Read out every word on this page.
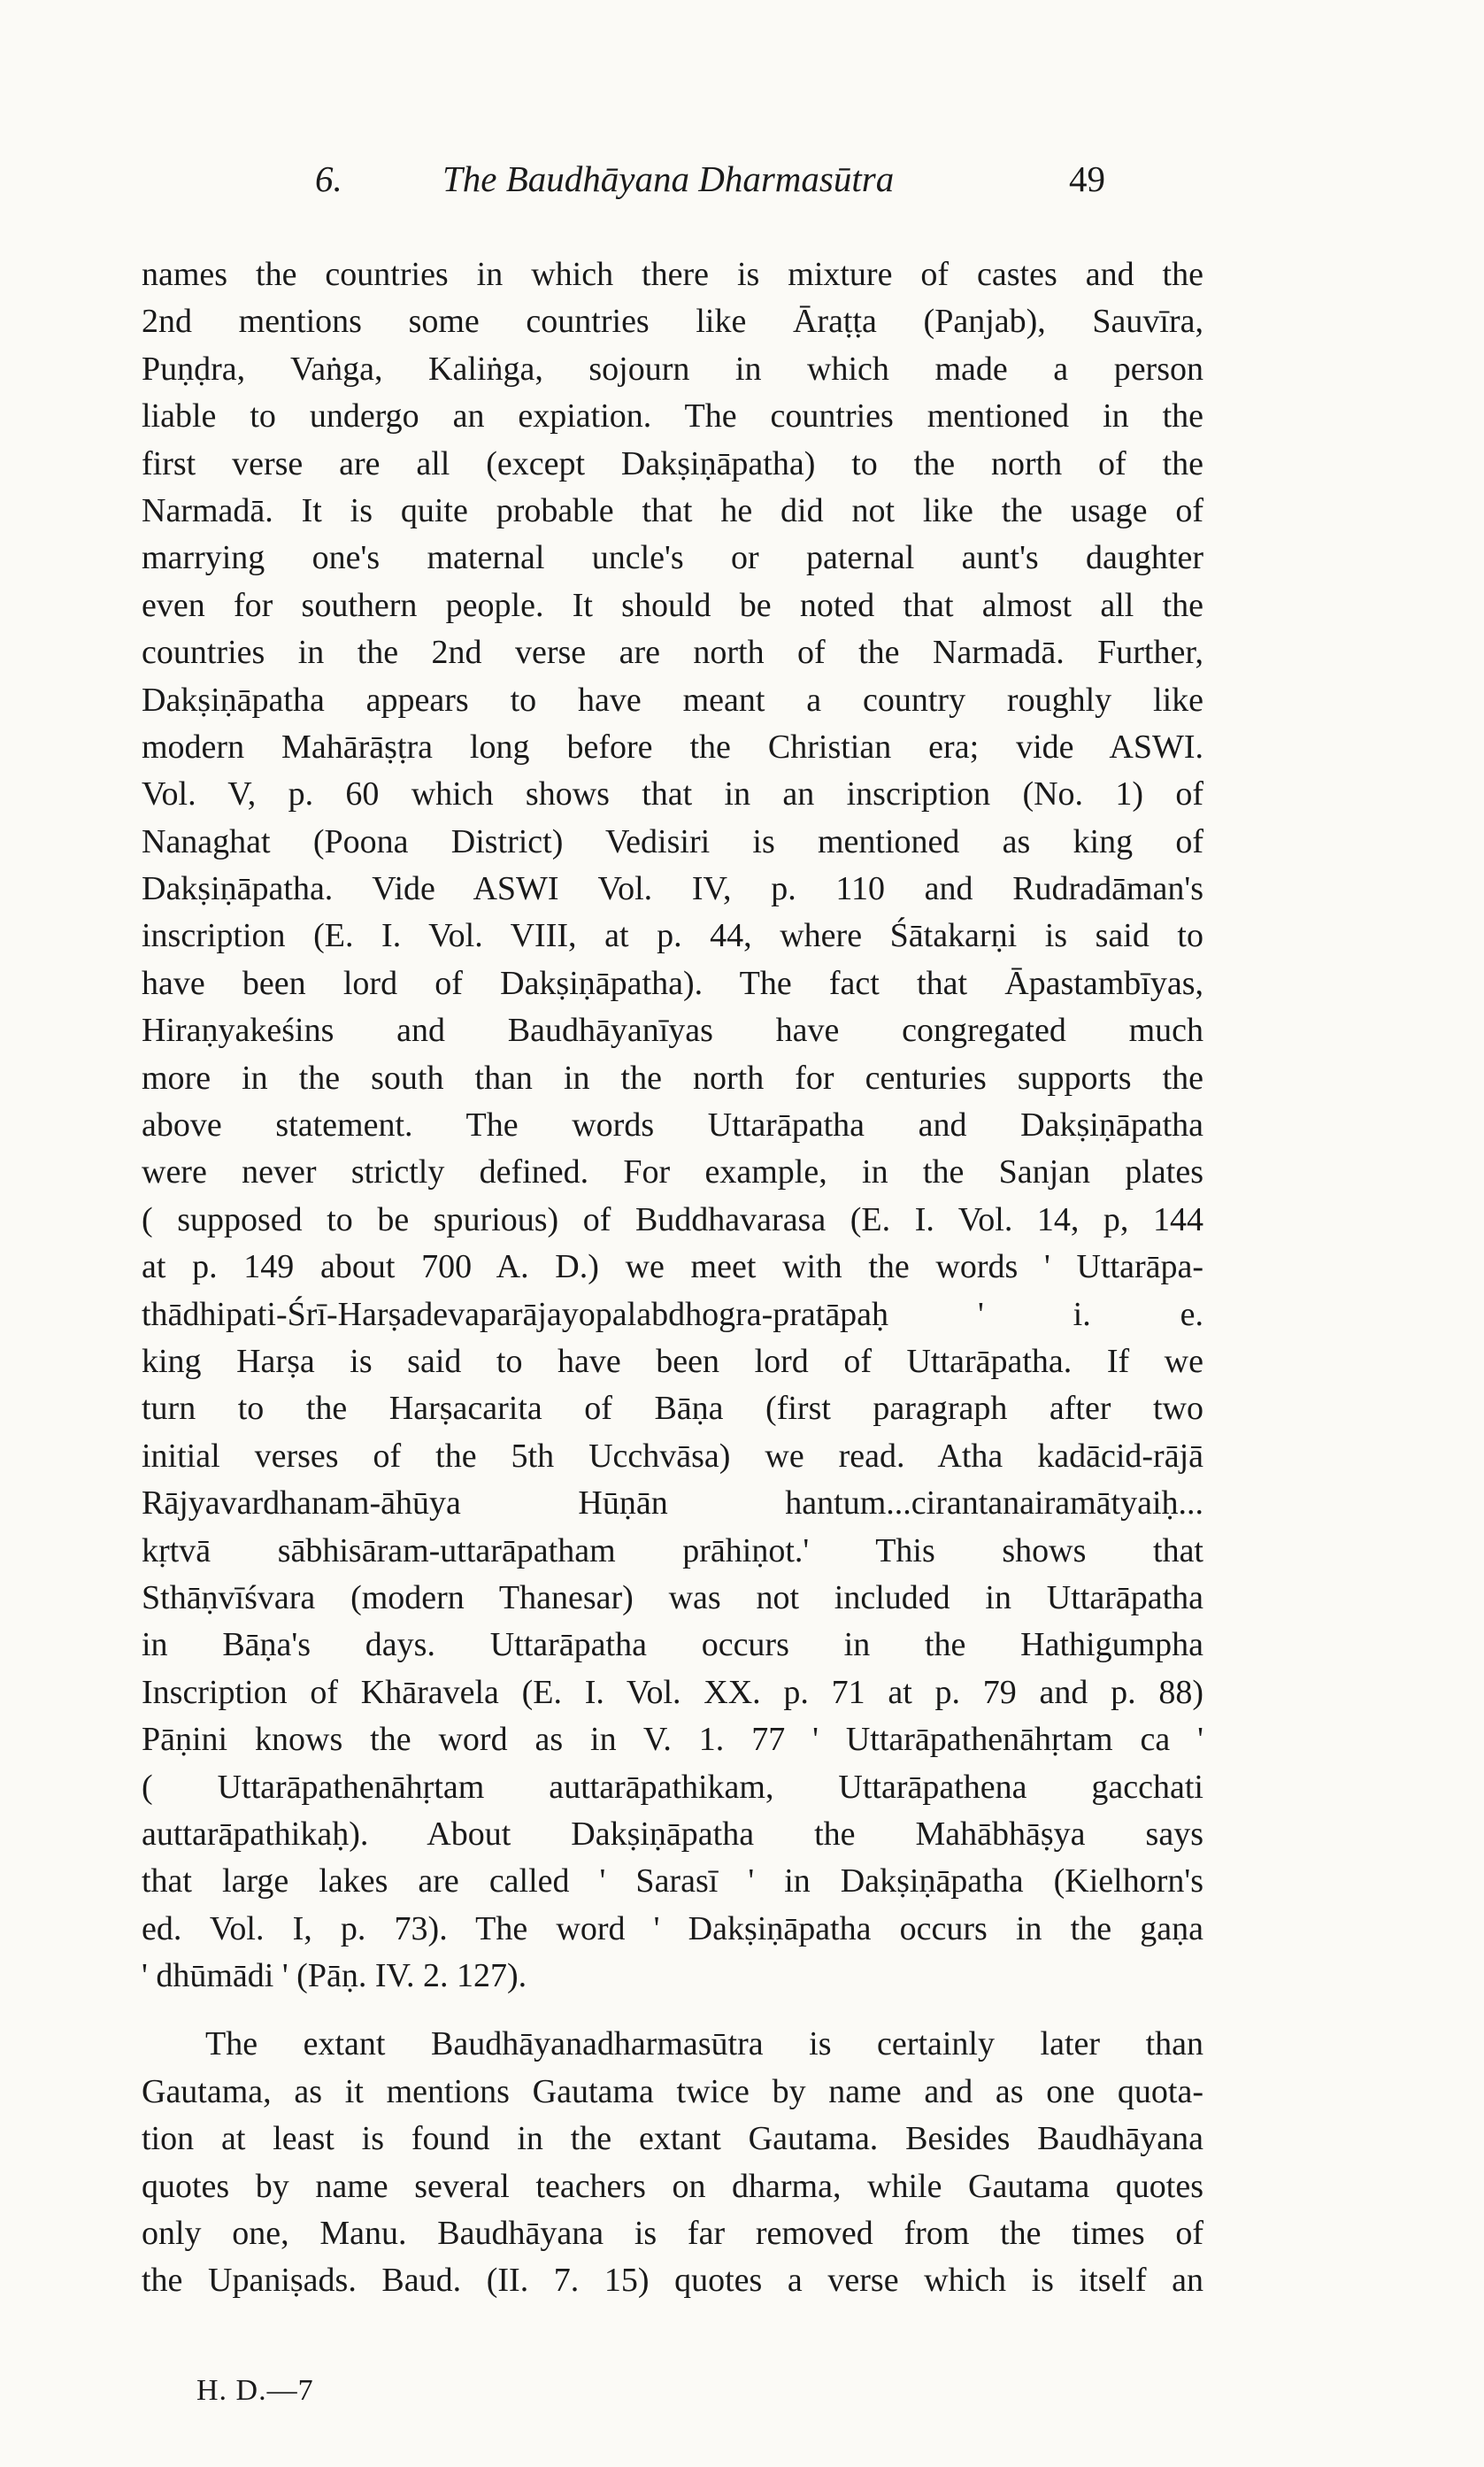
6.	The Baudhāyana Dharmasūtra	49
names the countries in which there is mixture of castes and the
2nd mentions some countries like Āraṭṭa (Panjab), Sauvīra,
Puṇḍra, Vaṅga, Kaliṅga, sojourn in which made a person
liable to undergo an expiation. The countries mentioned in the
first verse are all (except Dakṣiṇāpatha) to the north of the
Narmadā. It is quite probable that he did not like the usage of
marrying one's maternal uncle's or paternal aunt's daughter
even for southern people. It should be noted that almost all the
countries in the 2nd verse are north of the Narmadā. Further,
Dakṣiṇāpatha appears to have meant a country roughly like
modern Mahārāṣṭra long before the Christian era; vide ASWI.
Vol. V, p. 60 which shows that in an inscription (No. 1) of
Nanaghat (Poona District) Vedisiri is mentioned as king of
Dakṣiṇāpatha. Vide ASWI Vol. IV, p. 110 and Rudradāman's
inscription (E. I. Vol. VIII, at p. 44, where Śātakarṇi is said to
have been lord of Dakṣiṇāpatha). The fact that Āpastambīyas,
Hiraṇyakeśins and Baudhāyanīyas have congregated much
more in the south than in the north for centuries supports the
above statement. The words Uttarāpatha and Dakṣiṇāpatha
were never strictly defined. For example, in the Sanjan plates
( supposed to be spurious) of Buddhavarasa (E. I. Vol. 14, p, 144
at p. 149 about 700 A. D.) we meet with the words ' Uttarāpa-
thādhipati-Śrī-Harṣadevaparājayopalabdhogra-pratāpaḥ ' i. e.
king Harṣa is said to have been lord of Uttarāpatha. If we
turn to the Harṣacarita of Bāṇa (first paragraph after two
initial verses of the 5th Ucchvāsa) we read. Atha kadācid-rājā
Rājyavardhanam-āhūya Hūṇān hantum...cirantanairamātyaiḥ...
kṛtvā sābhisāram-uttarāpatham prāhiṇot.' This shows that
Sthāṇvīśvara (modern Thanesar) was not included in Uttarāpatha
in Bāṇa's days. Uttarāpatha occurs in the Hathigumpha
Inscription of Khāravela (E. I. Vol. XX. p. 71 at p. 79 and p. 88)
Pāṇini knows the word as in V. 1. 77 ' Uttarāpathenāhṛtam ca '
( Uttarāpathenāhṛtam auttarāpathikam, Uttarāpathena gacchati
auttarāpathikaḥ). About Dakṣiṇāpatha the Mahābhāṣya says
that large lakes are called ' Sarasī ' in Dakṣiṇāpatha (Kielhorn's
ed. Vol. I, p. 73). The word ' Dakṣiṇāpatha occurs in the gaṇa
' dhūmādi ' (Pāṇ. IV. 2. 127).
The extant Baudhāyanadharmasūtra is certainly later than
Gautama, as it mentions Gautama twice by name and as one quota-
tion at least is found in the extant Gautama. Besides Baudhāyana
quotes by name several teachers on dharma, while Gautama quotes
only one, Manu. Baudhāyana is far removed from the times of
the Upaniṣads. Baud. (II. 7. 15) quotes a verse which is itself an
H. D.—7
